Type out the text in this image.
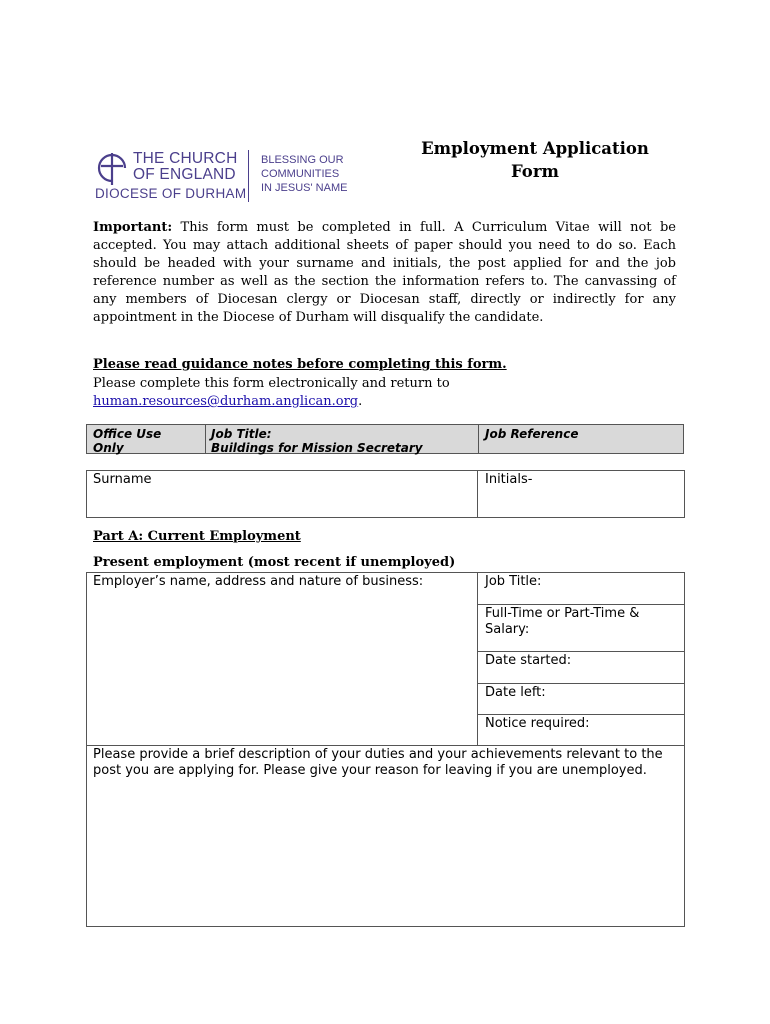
THE CHURCH
OF ENGLAND
DIOCESE OF DURHAM
BLESSING OUR
COMMUNITIES
IN JESUS' NAME
Employment Application
Form
Important: This form must be completed in full. A Curriculum Vitae will not be accepted. You may attach additional sheets of paper should you need to do so. Each should be headed with your surname and initials, the post applied for and the job reference number as well as the section the information refers to. The canvassing of any members of Diocesan clergy or Diocesan staff, directly or indirectly for any appointment in the Diocese of Durham will disqualify the candidate.
Please read guidance notes before completing this form.
Please complete this form electronically and return to
human.resources@durham.anglican.org.
Office Use
Only
Job Title:
Buildings for Mission Secretary
Job Reference
Surname	Initials-
Part A: Current Employment
Present employment (most recent if unemployed)
Employer’s name, address and nature of business:	Job Title:
Full-Time or Part-Time &
Salary:
Date started:
Date left:
Notice required:
Please provide a brief description of your duties and your achievements relevant to the post you are applying for. Please give your reason for leaving if you are unemployed.
